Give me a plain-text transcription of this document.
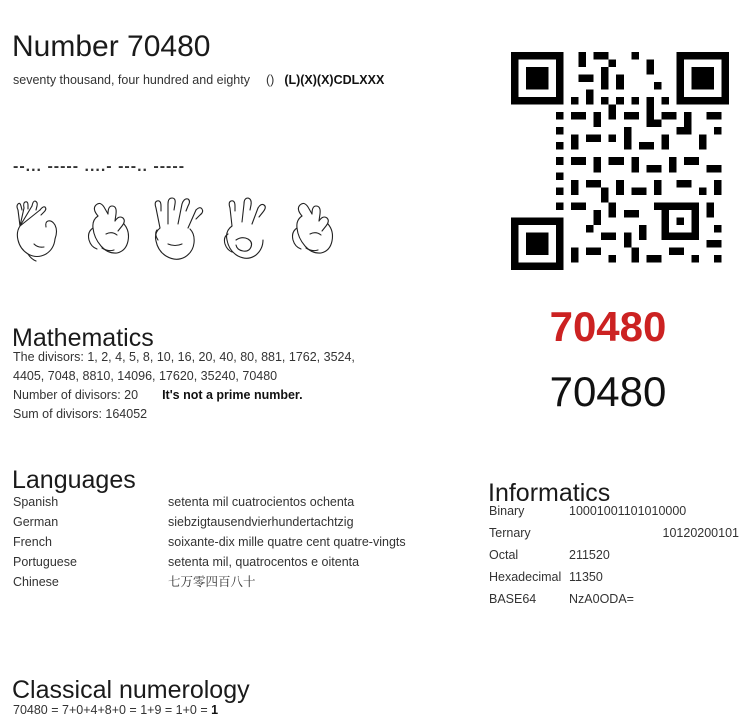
Number 70480
seventy thousand, four hundred and eighty () (L)(X)(X)CDLXXX
--... ----- ....- ---.. -----
Mathematics
The divisors: 1, 2, 4, 5, 8, 10, 16, 20, 40, 80, 881, 1762, 3524,
4405, 7048, 8810, 14096, 17620, 35240, 70480
Number of divisors: 20 It's not a prime number.
Sum of divisors: 164052
Languages
Spanish	setenta mil cuatrocientos ochenta
German	siebzigtausendvierhundertachtzig
French	soixante-dix mille quatre cent quatre-vingts
Portuguese	setenta mil, quatrocentos e oitenta
Chinese	七万零四百八十
Classical numerology
70480 = 7+0+4+8+0 = 1+9 = 1+0 = 1
70480
70480
Informatics
Binary	10001001101010000
Ternary	10120200101
Octal	211520
Hexadecimal	11350
BASE64	NzA0ODA=
